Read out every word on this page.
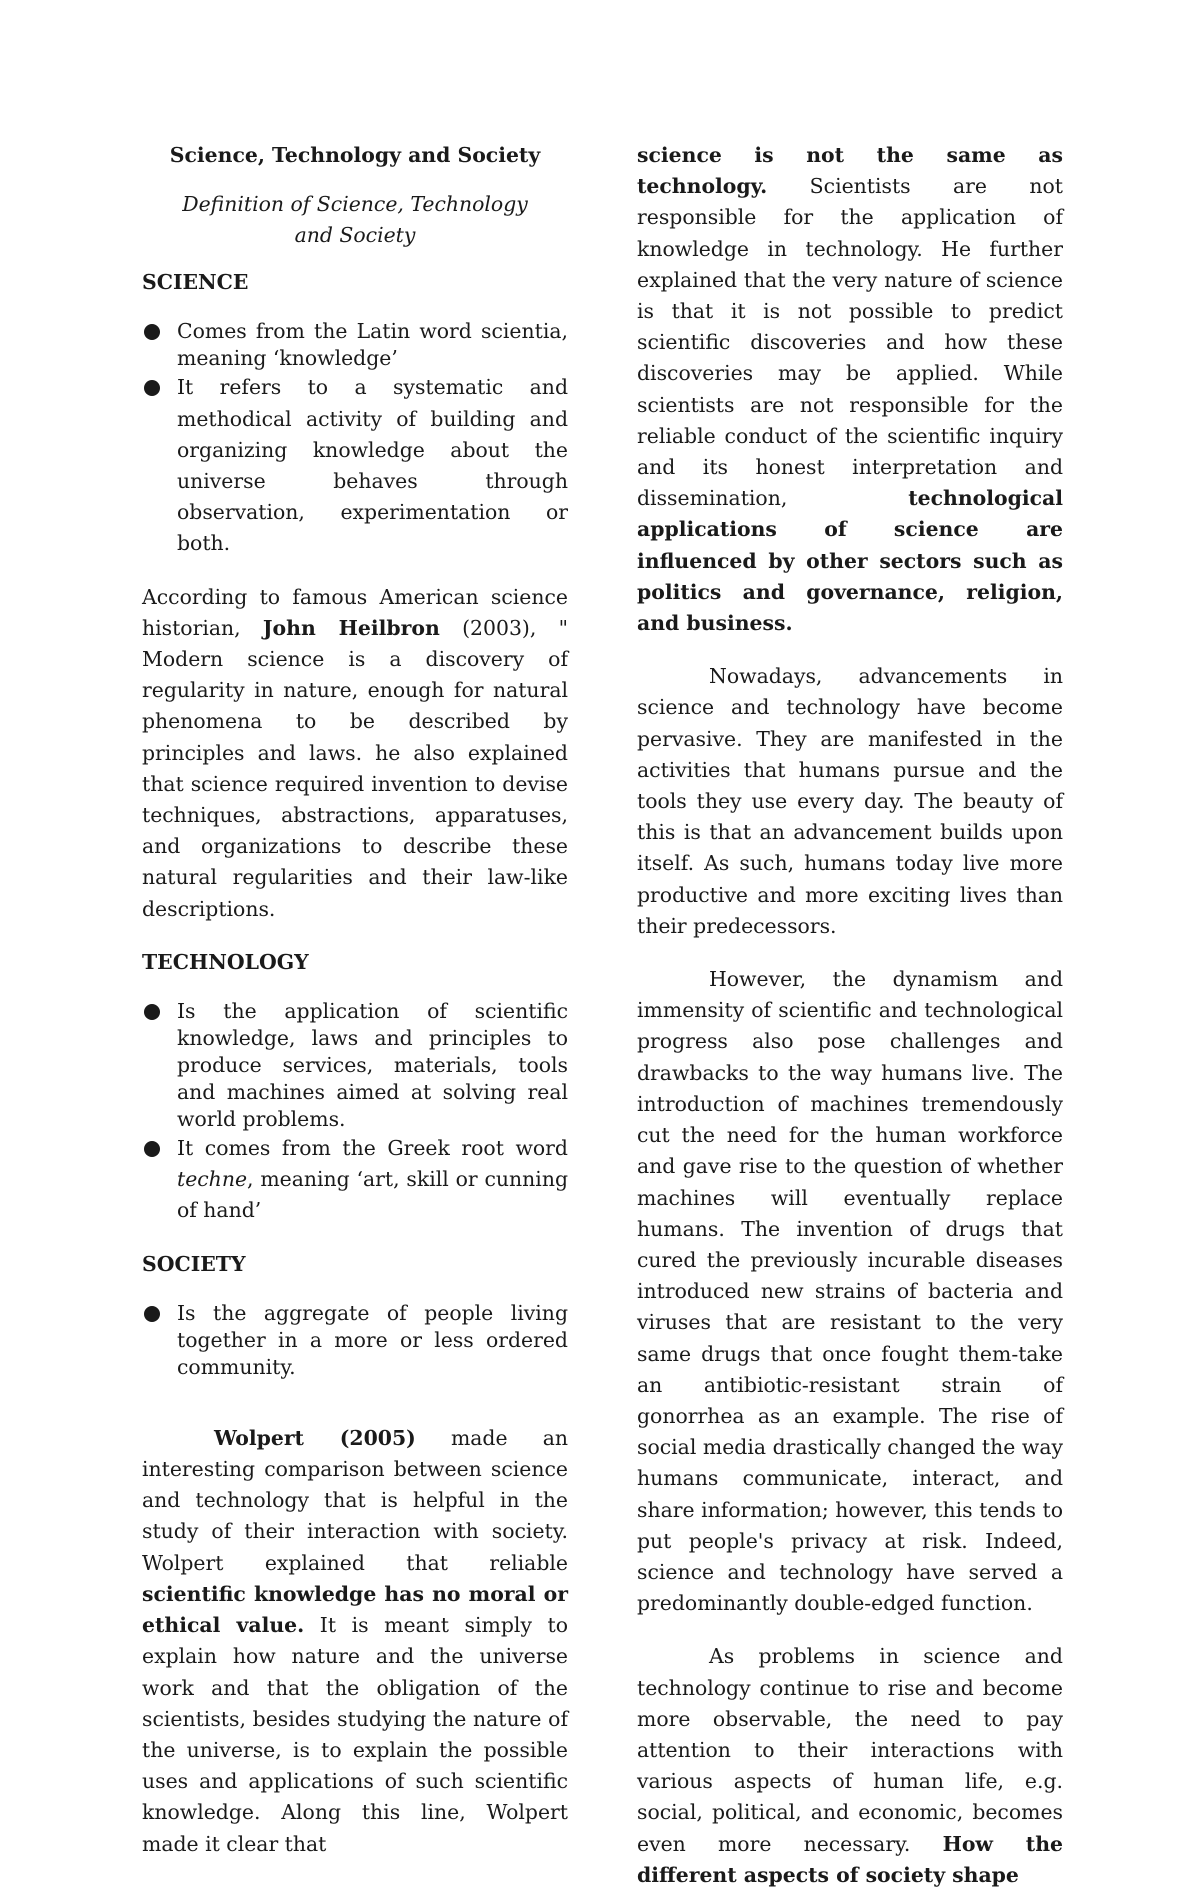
Science, Technology and Society

Definition of Science, Technology and Society

SCIENCE

Comes from the Latin word scientia, meaning ‘knowledge’
It refers to a systematic and methodical activity of building and organizing knowledge about the universe behaves through observation, experimentation or both.

According to famous American science historian, John Heilbron (2003), " Modern science is a discovery of regularity in nature, enough for natural phenomena to be described by principles and laws. he also explained that science required invention to devise techniques, abstractions, apparatuses, and organizations to describe these natural regularities and their law-like descriptions.

TECHNOLOGY

Is the application of scientific knowledge, laws and principles to produce services, materials, tools and machines aimed at solving real world problems.
It comes from the Greek root word techne, meaning ‘art, skill or cunning of hand’

SOCIETY

Is the aggregate of people living together in a more or less ordered community.

Wolpert (2005) made an interesting comparison between science and technology that is helpful in the study of their interaction with society. Wolpert explained that reliable scientific knowledge has no moral or ethical value. It is meant simply to explain how nature and the universe work and that the obligation of the scientists, besides studying the nature of the universe, is to explain the possible uses and applications of such scientific knowledge. Along this line, Wolpert made it clear that

science is not the same as technology. Scientists are not responsible for the application of knowledge in technology. He further explained that the very nature of science is that it is not possible to predict scientific discoveries and how these discoveries may be applied. While scientists are not responsible for the reliable conduct of the scientific inquiry and its honest interpretation and dissemination, technological applications of science are influenced by other sectors such as politics and governance, religion, and business.

Nowadays, advancements in science and technology have become pervasive. They are manifested in the activities that humans pursue and the tools they use every day. The beauty of this is that an advancement builds upon itself. As such, humans today live more productive and more exciting lives than their predecessors.

However, the dynamism and immensity of scientific and technological progress also pose challenges and drawbacks to the way humans live. The introduction of machines tremendously cut the need for the human workforce and gave rise to the question of whether machines will eventually replace humans. The invention of drugs that cured the previously incurable diseases introduced new strains of bacteria and viruses that are resistant to the very same drugs that once fought them-take an antibiotic-resistant strain of gonorrhea as an example. The rise of social media drastically changed the way humans communicate, interact, and share information; however, this tends to put people's privacy at risk. Indeed, science and technology have served a predominantly double-edged function.

As problems in science and technology continue to rise and become more observable, the need to pay attention to their interactions with various aspects of human life, e.g. social, political, and economic, becomes even more necessary. How the different aspects of society shape
